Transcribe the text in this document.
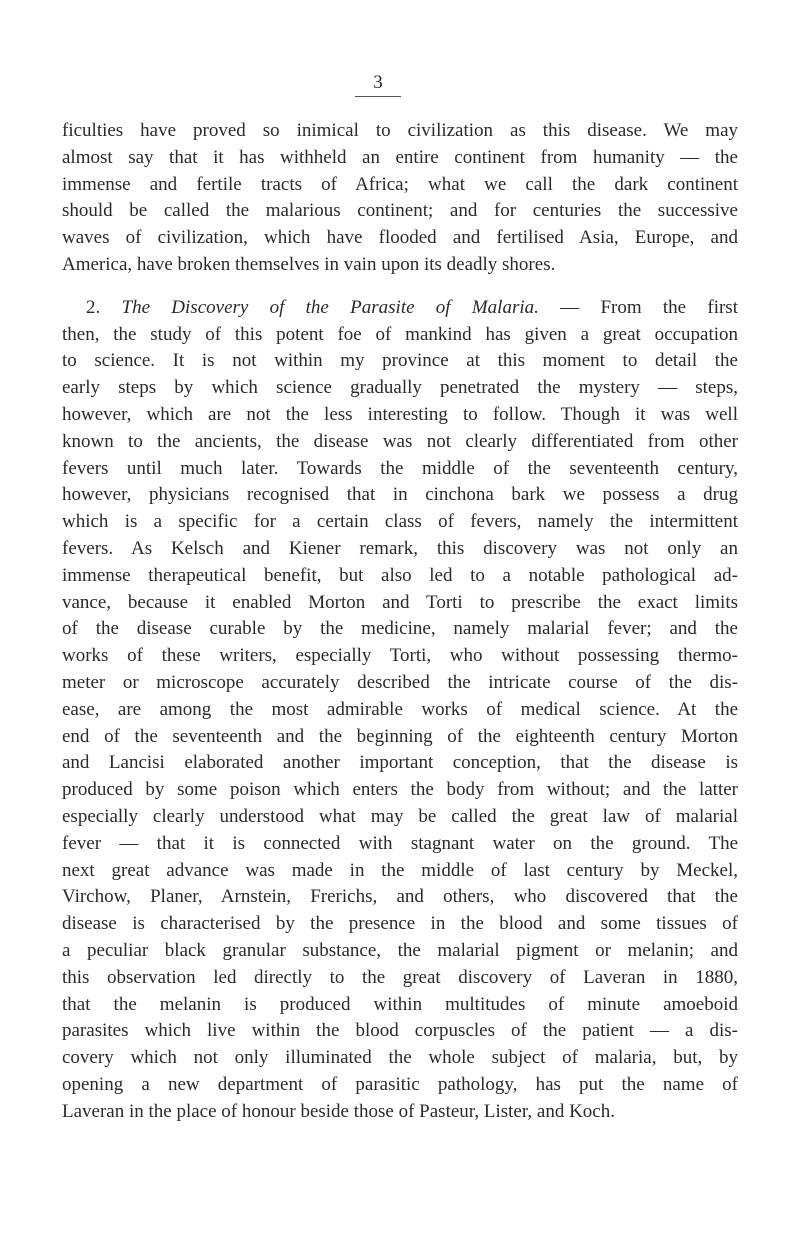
3
ficulties have proved so inimical to civilization as this disease. We may
almost say that it has withheld an entire continent from humanity — the
immense and fertile tracts of Africa; what we call the dark continent
should be called the malarious continent; and for centuries the successive
waves of civilization, which have flooded and fertilised Asia, Europe, and
America, have broken themselves in vain upon its deadly shores.
2. The Discovery of the Parasite of Malaria. — From the first
then, the study of this potent foe of mankind has given a great occupation
to science. It is not within my province at this moment to detail the
early steps by which science gradually penetrated the mystery — steps,
however, which are not the less interesting to follow. Though it was well
known to the ancients, the disease was not clearly differentiated from other
fevers until much later. Towards the middle of the seventeenth century,
however, physicians recognised that in cinchona bark we possess a drug
which is a specific for a certain class of fevers, namely the intermittent
fevers. As Kelsch and Kiener remark, this discovery was not only an
immense therapeutical benefit, but also led to a notable pathological ad-
vance, because it enabled Morton and Torti to prescribe the exact limits
of the disease curable by the medicine, namely malarial fever; and the
works of these writers, especially Torti, who without possessing thermo-
meter or microscope accurately described the intricate course of the dis-
ease, are among the most admirable works of medical science. At the
end of the seventeenth and the beginning of the eighteenth century Morton
and Lancisi elaborated another important conception, that the disease is
produced by some poison which enters the body from without; and the latter
especially clearly understood what may be called the great law of malarial
fever — that it is connected with stagnant water on the ground. The
next great advance was made in the middle of last century by Meckel,
Virchow, Planer, Arnstein, Frerichs, and others, who discovered that the
disease is characterised by the presence in the blood and some tissues of
a peculiar black granular substance, the malarial pigment or melanin; and
this observation led directly to the great discovery of Laveran in 1880,
that the melanin is produced within multitudes of minute amoeboid
parasites which live within the blood corpuscles of the patient — a dis-
covery which not only illuminated the whole subject of malaria, but, by
opening a new department of parasitic pathology, has put the name of
Laveran in the place of honour beside those of Pasteur, Lister, and Koch.
